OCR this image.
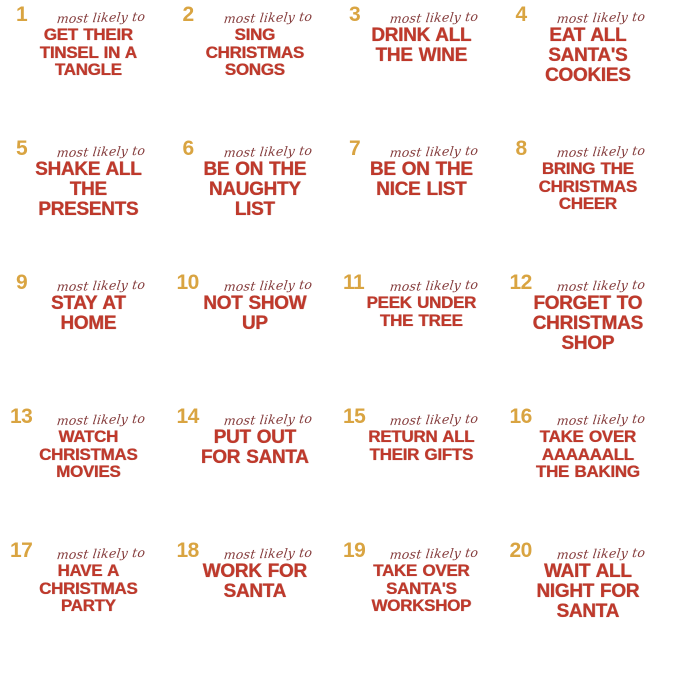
1 most likely to
GET THEIR
TINSEL IN A
TANGLE
2 most likely to
SING
CHRISTMAS
SONGS
3 most likely to
DRINK ALL
THE WINE
4 most likely to
EAT ALL
SANTA'S
COOKIES
5 most likely to
SHAKE ALL
THE
PRESENTS
6 most likely to
BE ON THE
NAUGHTY
LIST
7 most likely to
BE ON THE
NICE LIST
8 most likely to
BRING THE
CHRISTMAS
CHEER
9 most likely to
STAY AT
HOME
10 most likely to
NOT SHOW
UP
11 most likely to
PEEK UNDER
THE TREE
12 most likely to
FORGET TO
CHRISTMAS
SHOP
13 most likely to
WATCH
CHRISTMAS
MOVIES
14 most likely to
PUT OUT
FOR SANTA
15 most likely to
RETURN ALL
THEIR GIFTS
16 most likely to
TAKE OVER
AAAAAALL
THE BAKING
17 most likely to
HAVE A
CHRISTMAS
PARTY
18 most likely to
WORK FOR
SANTA
19 most likely to
TAKE OVER
SANTA'S
WORKSHOP
20 most likely to
WAIT ALL
NIGHT FOR
SANTA
